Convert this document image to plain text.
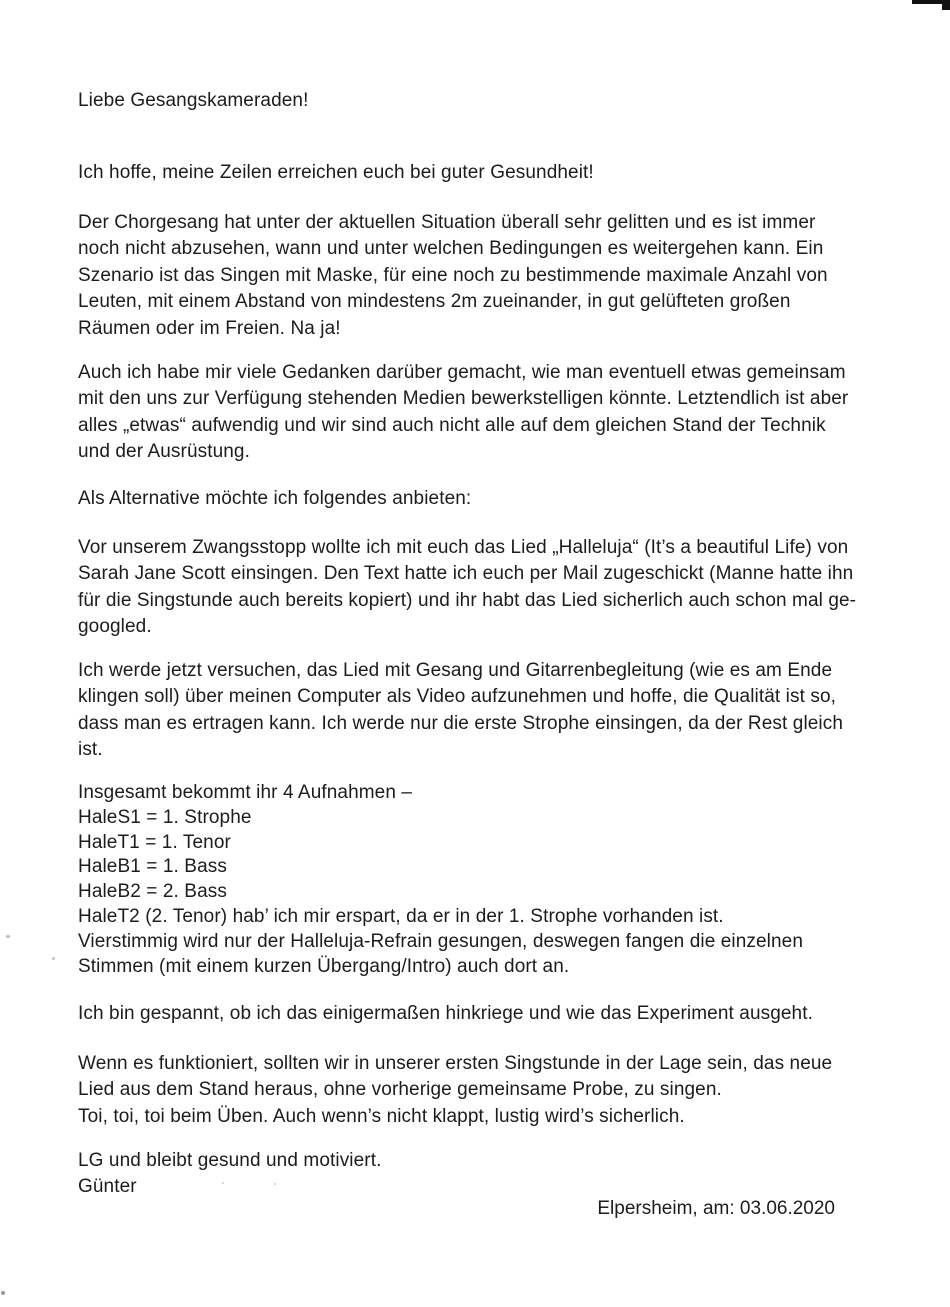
Liebe Gesangskameraden!
Ich hoffe, meine Zeilen erreichen euch bei guter Gesundheit!
Der Chorgesang hat unter der aktuellen Situation überall sehr gelitten und es ist immer
noch nicht abzusehen, wann und unter welchen Bedingungen es weitergehen kann. Ein
Szenario ist das Singen mit Maske, für eine noch zu bestimmende maximale Anzahl von
Leuten, mit einem Abstand von mindestens 2m zueinander, in gut gelüfteten großen
Räumen oder im Freien. Na ja!
Auch ich habe mir viele Gedanken darüber gemacht, wie man eventuell etwas gemeinsam
mit den uns zur Verfügung stehenden Medien bewerkstelligen könnte. Letztendlich ist aber
alles „etwas“ aufwendig und wir sind auch nicht alle auf dem gleichen Stand der Technik
und der Ausrüstung.
Als Alternative möchte ich folgendes anbieten:
Vor unserem Zwangsstopp wollte ich mit euch das Lied „Halleluja“ (It’s a beautiful Life) von
Sarah Jane Scott einsingen. Den Text hatte ich euch per Mail zugeschickt (Manne hatte ihn
für die Singstunde auch bereits kopiert) und ihr habt das Lied sicherlich auch schon mal ge-
googled.
Ich werde jetzt versuchen, das Lied mit Gesang und Gitarrenbegleitung (wie es am Ende
klingen soll) über meinen Computer als Video aufzunehmen und hoffe, die Qualität ist so,
dass man es ertragen kann. Ich werde nur die erste Strophe einsingen, da der Rest gleich
ist.
Insgesamt bekommt ihr 4 Aufnahmen –
HaleS1 = 1. Strophe
HaleT1 = 1. Tenor
HaleB1 = 1. Bass
HaleB2 = 2. Bass
HaleT2 (2. Tenor) hab’ ich mir erspart, da er in der 1. Strophe vorhanden ist.
Vierstimmig wird nur der Halleluja-Refrain gesungen, deswegen fangen die einzelnen
Stimmen (mit einem kurzen Übergang/Intro) auch dort an.
Ich bin gespannt, ob ich das einigermaßen hinkriege und wie das Experiment ausgeht.
Wenn es funktioniert, sollten wir in unserer ersten Singstunde in der Lage sein, das neue
Lied aus dem Stand heraus, ohne vorherige gemeinsame Probe, zu singen.
Toi, toi, toi beim Üben. Auch wenn’s nicht klappt, lustig wird’s sicherlich.
LG und bleibt gesund und motiviert.
Günter
Elpersheim, am: 03.06.2020
